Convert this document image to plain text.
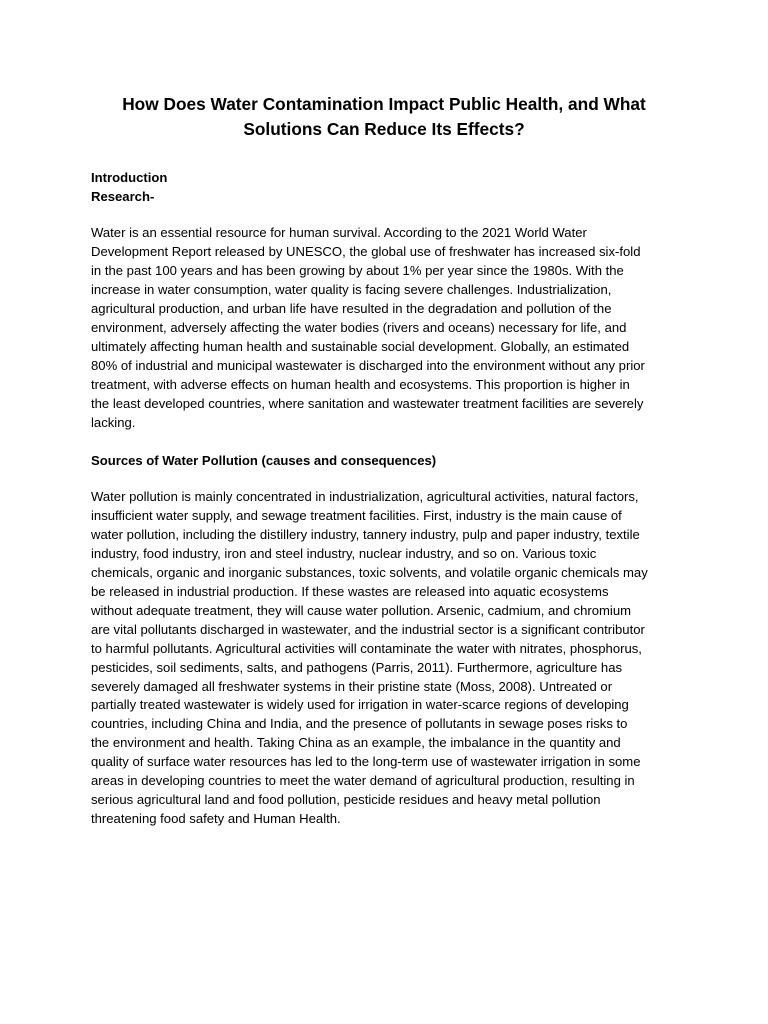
How Does Water Contamination Impact Public Health, and What
Solutions Can Reduce Its Effects?
Introduction
Research-
Water is an essential resource for human survival. According to the 2021 World Water
Development Report released by UNESCO, the global use of freshwater has increased six-fold
in the past 100 years and has been growing by about 1% per year since the 1980s. With the
increase in water consumption, water quality is facing severe challenges. Industrialization,
agricultural production, and urban life have resulted in the degradation and pollution of the
environment, adversely affecting the water bodies (rivers and oceans) necessary for life, and
ultimately affecting human health and sustainable social development. Globally, an estimated
80% of industrial and municipal wastewater is discharged into the environment without any prior
treatment, with adverse effects on human health and ecosystems. This proportion is higher in
the least developed countries, where sanitation and wastewater treatment facilities are severely
lacking.
Sources of Water Pollution (causes and consequences)
Water pollution is mainly concentrated in industrialization, agricultural activities, natural factors,
insufficient water supply, and sewage treatment facilities. First, industry is the main cause of
water pollution, including the distillery industry, tannery industry, pulp and paper industry, textile
industry, food industry, iron and steel industry, nuclear industry, and so on. Various toxic
chemicals, organic and inorganic substances, toxic solvents, and volatile organic chemicals may
be released in industrial production. If these wastes are released into aquatic ecosystems
without adequate treatment, they will cause water pollution. Arsenic, cadmium, and chromium
are vital pollutants discharged in wastewater, and the industrial sector is a significant contributor
to harmful pollutants. Agricultural activities will contaminate the water with nitrates, phosphorus,
pesticides, soil sediments, salts, and pathogens (Parris, 2011). Furthermore, agriculture has
severely damaged all freshwater systems in their pristine state (Moss, 2008). Untreated or
partially treated wastewater is widely used for irrigation in water-scarce regions of developing
countries, including China and India, and the presence of pollutants in sewage poses risks to
the environment and health. Taking China as an example, the imbalance in the quantity and
quality of surface water resources has led to the long-term use of wastewater irrigation in some
areas in developing countries to meet the water demand of agricultural production, resulting in
serious agricultural land and food pollution, pesticide residues and heavy metal pollution
threatening food safety and Human Health.
